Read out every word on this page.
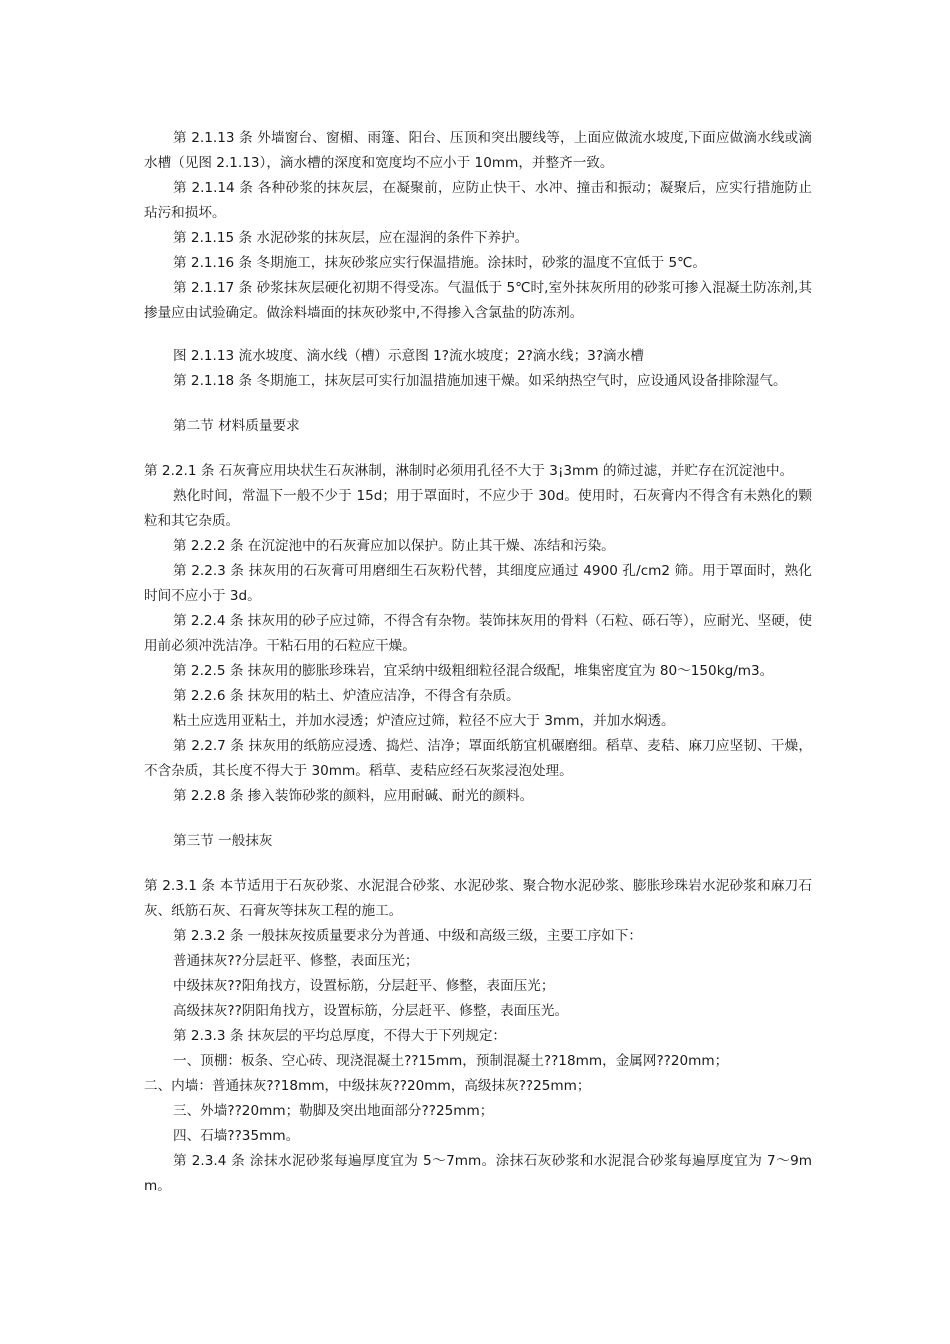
第 2.1.13 条 外墙窗台、窗楣、雨篷、阳台、压顶和突出腰线等，上面应做流水坡度,下面应做滴水线或滴水槽（见图 2.1.13），滴水槽的深度和宽度均不应小于 10mm，并整齐一致。

第 2.1.14 条 各种砂浆的抹灰层，在凝聚前，应防止快干、水冲、撞击和振动；凝聚后，应实行措施防止玷污和损坏。

第 2.1.15 条 水泥砂浆的抹灰层，应在湿润的条件下养护。

第 2.1.16 条 冬期施工，抹灰砂浆应实行保温措施。涂抹时，砂浆的温度不宜低于 5℃。

第 2.1.17 条 砂浆抹灰层硬化初期不得受冻。气温低于 5℃时,室外抹灰所用的砂浆可掺入混凝土防冻剂,其掺量应由试验确定。做涂料墙面的抹灰砂浆中,不得掺入含氯盐的防冻剂。

图 2.1.13 流水坡度、滴水线（槽）示意图 1?流水坡度；2?滴水线；3?滴水槽

第 2.1.18 条 冬期施工，抹灰层可实行加温措施加速干燥。如采纳热空气时，应设通风设备排除湿气。

第二节 材料质量要求

第 2.2.1 条 石灰膏应用块状生石灰淋制，淋制时必须用孔径不大于 3¡3mm 的筛过滤，并贮存在沉淀池中。

熟化时间，常温下一般不少于 15d；用于罩面时，不应少于 30d。使用时，石灰膏内不得含有未熟化的颗粒和其它杂质。

第 2.2.2 条 在沉淀池中的石灰膏应加以保护。防止其干燥、冻结和污染。

第 2.2.3 条 抹灰用的石灰膏可用磨细生石灰粉代替，其细度应通过 4900 孔/cm2 筛。用于罩面时，熟化时间不应小于 3d。

第 2.2.4 条 抹灰用的砂子应过筛，不得含有杂物。装饰抹灰用的骨料（石粒、砾石等），应耐光、坚硬，使用前必须冲洗洁净。干粘石用的石粒应干燥。

第 2.2.5 条 抹灰用的膨胀珍珠岩，宜采纳中级粗细粒径混合级配，堆集密度宜为 80～150kg/m3。

第 2.2.6 条 抹灰用的粘土、炉渣应洁净，不得含有杂质。

粘土应选用亚粘土，并加水浸透；炉渣应过筛，粒径不应大于 3mm，并加水焖透。

第 2.2.7 条 抹灰用的纸筋应浸透、捣烂、洁净；罩面纸筋宜机碾磨细。稻草、麦秸、麻刀应坚韧、干燥，不含杂质，其长度不得大于 30mm。稻草、麦秸应经石灰浆浸泡处理。

第 2.2.8 条 掺入装饰砂浆的颜料，应用耐碱、耐光的颜料。

第三节 一般抹灰

第 2.3.1 条 本节适用于石灰砂浆、水泥混合砂浆、水泥砂浆、聚合物水泥砂浆、膨胀珍珠岩水泥砂浆和麻刀石灰、纸筋石灰、石膏灰等抹灰工程的施工。

第 2.3.2 条 一般抹灰按质量要求分为普通、中级和高级三级，主要工序如下：

普通抹灰??分层赶平、修整，表面压光；

中级抹灰??阳角找方，设置标筋，分层赶平、修整，表面压光；

高级抹灰??阴阳角找方，设置标筋，分层赶平、修整，表面压光。

第 2.3.3 条 抹灰层的平均总厚度，不得大于下列规定：

一、顶棚：板条、空心砖、现浇混凝土??15mm，预制混凝土??18mm，金属网??20mm；

二、内墙：普通抹灰??18mm，中级抹灰??20mm，高级抹灰??25mm；

三、外墙??20mm；勒脚及突出地面部分??25mm；

四、石墙??35mm。

第 2.3.4 条 涂抹水泥砂浆每遍厚度宜为 5～7mm。涂抹石灰砂浆和水泥混合砂浆每遍厚度宜为 7～9mm。
